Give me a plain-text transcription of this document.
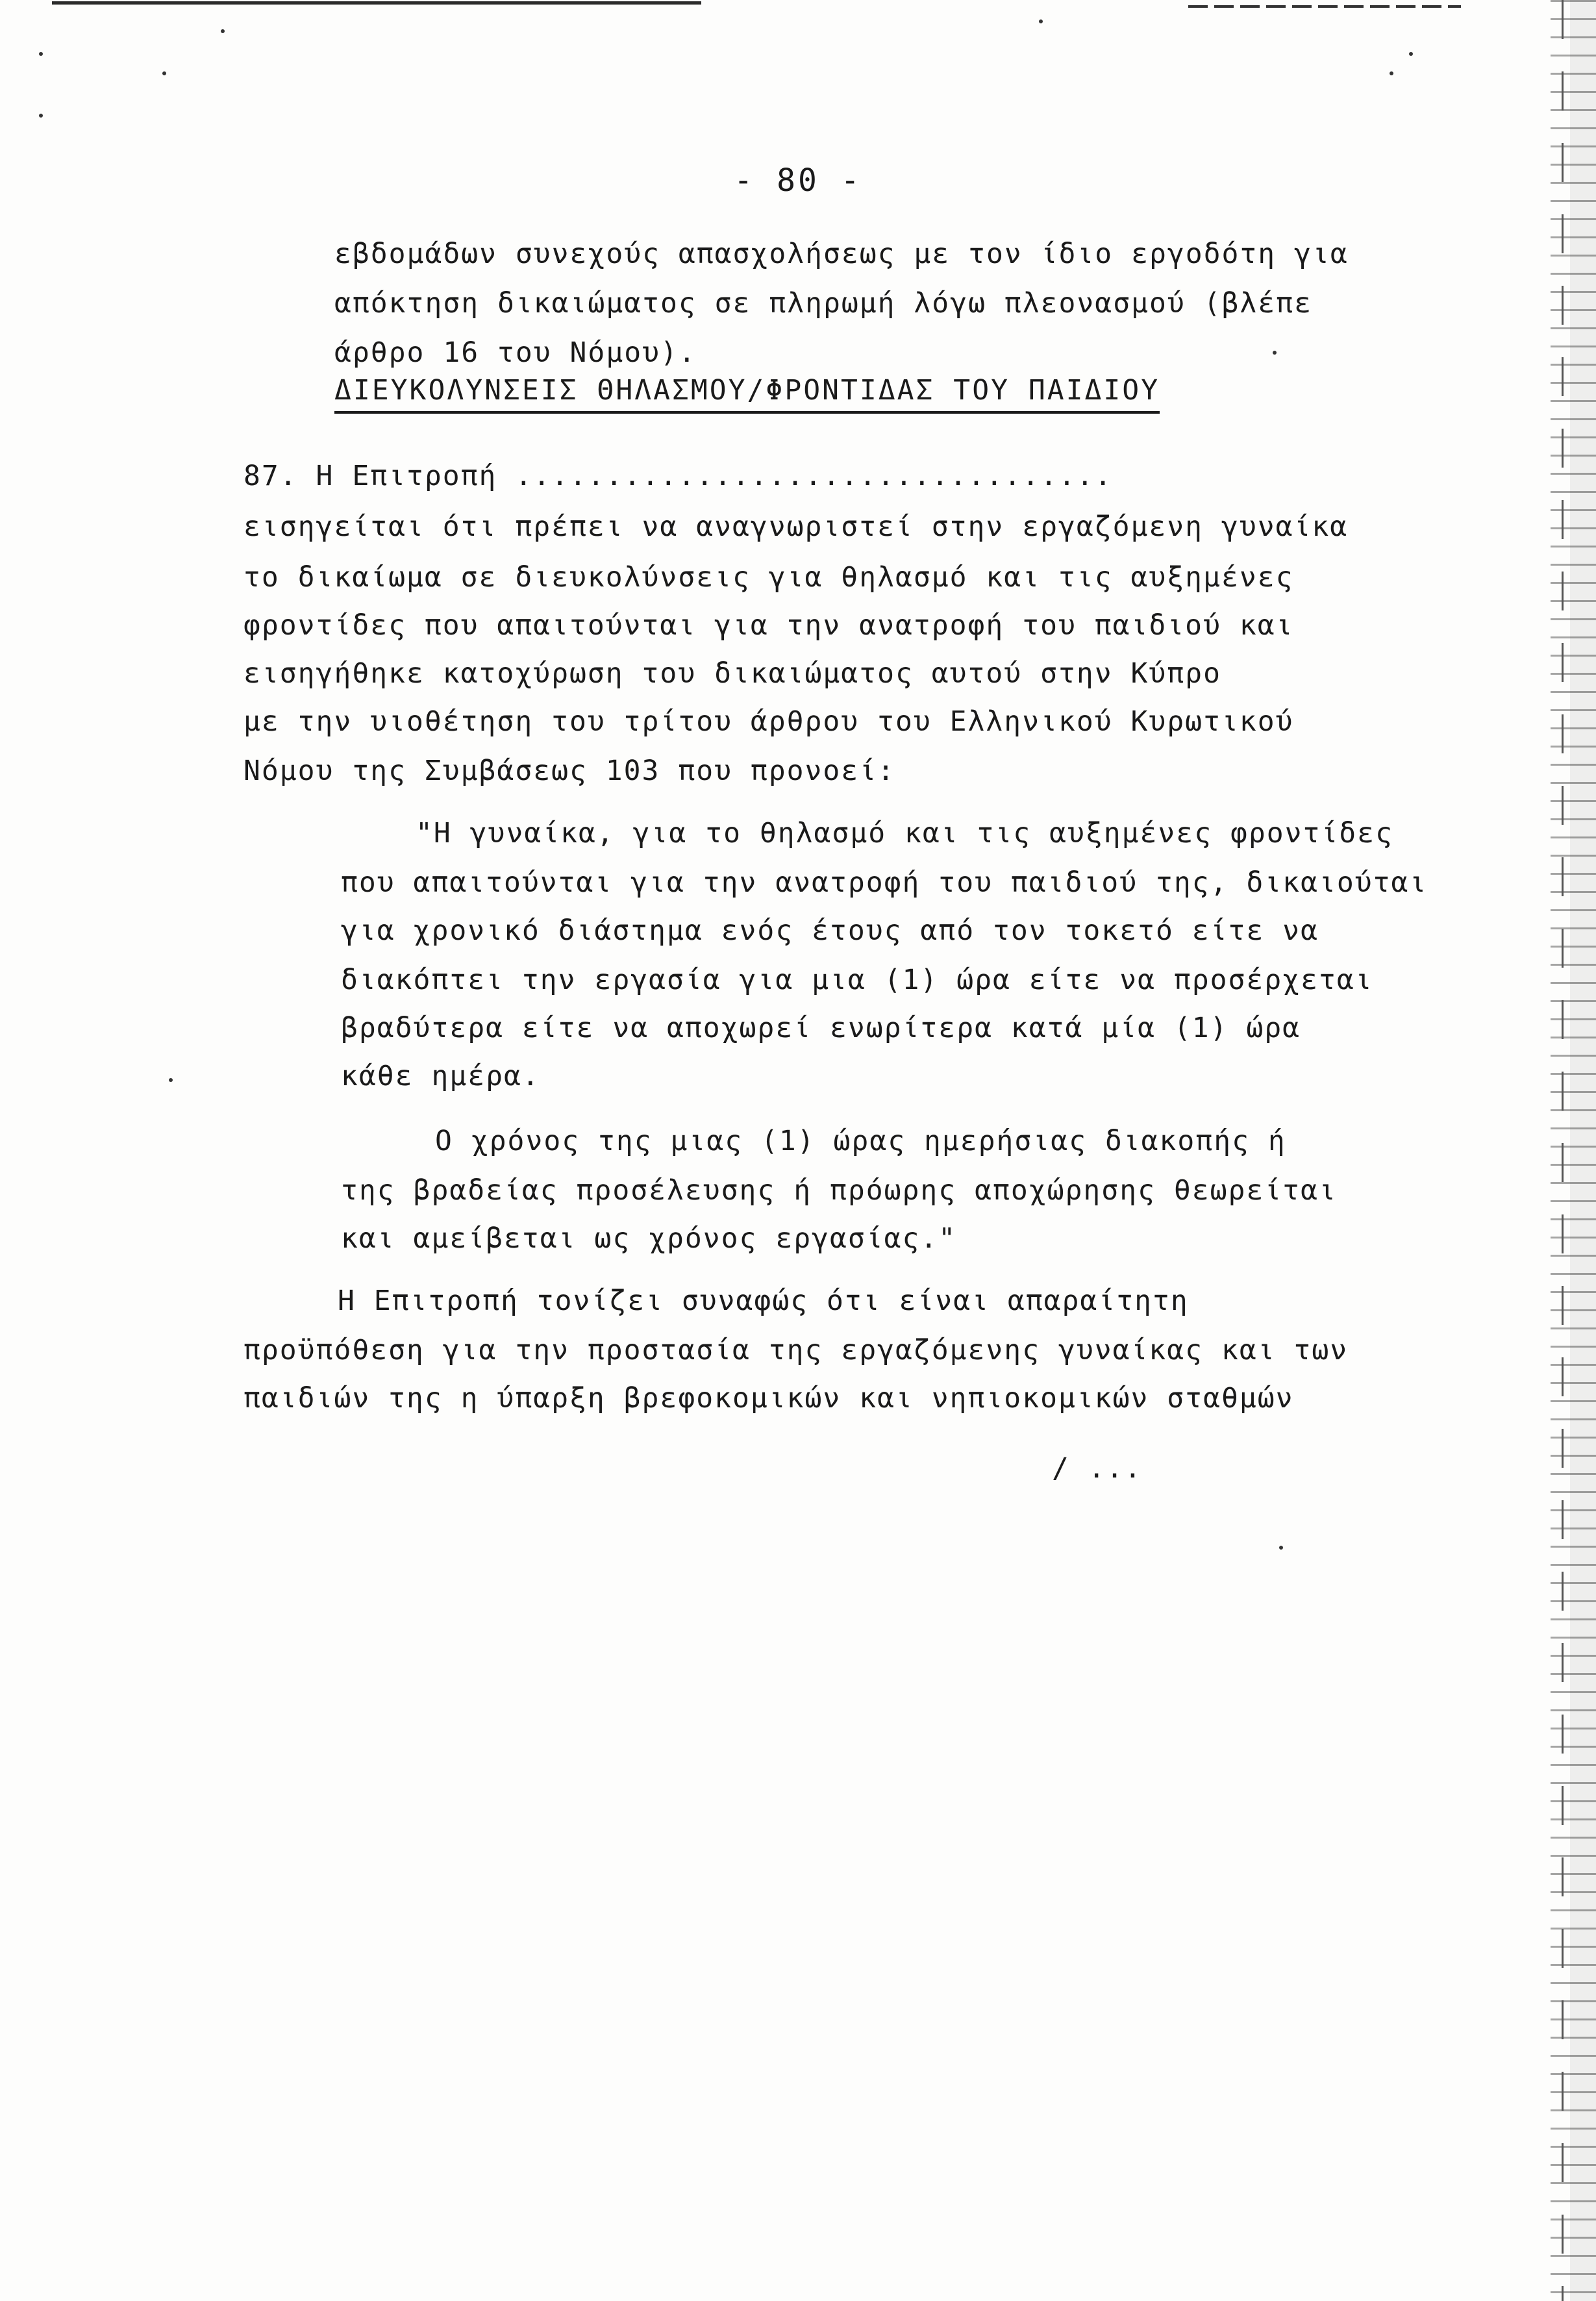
- 80 -
εβδομάδων συνεχούς απασχολήσεως με τον ίδιο εργοδότη για
απόκτηση δικαιώματος σε πληρωμή λόγω πλεονασμού (βλέπε
άρθρο 16 του Νόμου).
ΔΙΕΥΚΟΛΥΝΣΕΙΣ ΘΗΛΑΣΜΟΥ/ΦΡΟΝΤΙΔΑΣ ΤΟΥ ΠΑΙΔΙΟΥ
87. Η Επιτροπή .................................
εισηγείται ότι πρέπει να αναγνωριστεί στην εργαζόμενη γυναίκα
το δικαίωμα σε διευκολύνσεις για θηλασμό και τις αυξημένες
φροντίδες που απαιτούνται για την ανατροφή του παιδιού και
εισηγήθηκε κατοχύρωση του δικαιώματος αυτού στην Κύπρο
με την υιοθέτηση του τρίτου άρθρου του Ελληνικού Κυρωτικού
Νόμου της Συμβάσεως 103 που προνοεί:
"Η γυναίκα, για το θηλασμό και τις αυξημένες φροντίδες
που απαιτούνται για την ανατροφή του παιδιού της, δικαιούται
για χρονικό διάστημα ενός έτους από τον τοκετό είτε να
διακόπτει την εργασία για μια (1) ώρα είτε να προσέρχεται
βραδύτερα είτε να αποχωρεί ενωρίτερα κατά μία (1) ώρα
κάθε ημέρα.
Ο χρόνος της μιας (1) ώρας ημερήσιας διακοπής ή
της βραδείας προσέλευσης ή πρόωρης αποχώρησης θεωρείται
και αμείβεται ως χρόνος εργασίας."
Η Επιτροπή τονίζει συναφώς ότι είναι απαραίτητη
προϋπόθεση για την προστασία της εργαζόμενης γυναίκας και των
παιδιών της η ύπαρξη βρεφοκομικών και νηπιοκομικών σταθμών
/ ...
